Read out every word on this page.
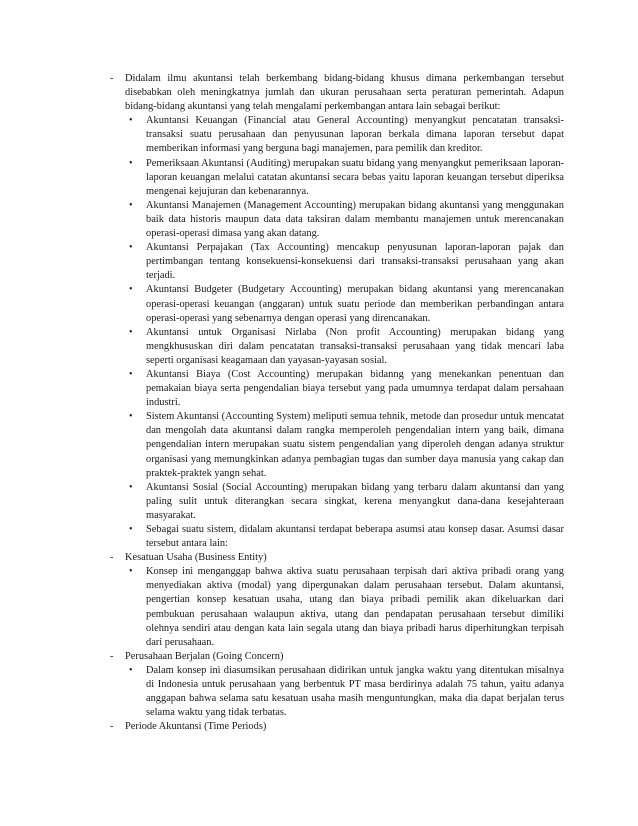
- Didalam ilmu akuntansi telah berkembang bidang-bidang khusus dimana perkembangan tersebut disebabkan oleh meningkatnya jumlah dan ukuran perusahaan serta peraturan pemerintah. Adapun bidang-bidang akuntansi yang telah mengalami perkembangan antara lain sebagai berikut:
• Akuntansi Keuangan (Financial atau General Accounting) menyangkut pencatatan transaksi-transaksi suatu perusahaan dan penyusunan laporan berkala dimana laporan tersebut dapat memberikan informasi yang berguna bagi manajemen, para pemilik dan kreditor.
• Pemeriksaan Akuntansi (Auditing) merupakan suatu bidang yang menyangkut pemeriksaan laporan-laporan keuangan melalui catatan akuntansi secara bebas yaitu laporan keuangan tersebut diperiksa mengenai kejujuran dan kebenarannya.
• Akuntansi Manajemen (Management Accounting) merupakan bidang akuntansi yang menggunakan baik data historis maupun data data taksiran dalam membantu manajemen untuk merencanakan operasi-operasi dimasa yang akan datang.
• Akuntansi Perpajakan (Tax Accounting) mencakup penyusunan laporan-laporan pajak dan pertimbangan tentang konsekuensi-konsekuensi dari transaksi-transaksi perusahaan yang akan terjadi.
• Akuntansi Budgeter (Budgetary Accounting) merupakan bidang akuntansi yang merencanakan operasi-operasi keuangan (anggaran) untuk suatu periode dan memberikan perbandingan antara operasi-operasi yang sebenarnya dengan operasi yang direncanakan.
• Akuntansi untuk Organisasi Nirlaba (Non profit Accounting) merupakan bidang yang mengkhususkan diri dalam pencatatan transaksi-transaksi perusahaan yang tidak mencari laba seperti organisasi keagamaan dan yayasan-yayasan sosial.
• Akuntansi Biaya (Cost Accounting) merupakan bidanng yang menekankan penentuan dan pemakaian biaya serta pengendalian biaya tersebut yang pada umumnya terdapat dalam persahaan industri.
• Sistem Akuntansi (Accounting System) meliputi semua tehnik, metode dan prosedur untuk mencatat dan mengolah data akuntansi dalam rangka memperoleh pengendalian intern yang baik, dimana pengendalian intern merupakan suatu sistem pengendalian yang diperoleh dengan adanya struktur organisasi yang memungkinkan adanya pembagian tugas dan sumber daya manusia yang cakap dan praktek-praktek yangn sehat.
• Akuntansi Sosial (Social Accounting) merupakan bidang yang terbaru dalam akuntansi dan yang paling sulit untuk diterangkan secara singkat, kerena menyangkut dana-dana kesejahteraan masyarakat.
• Sebagai suatu sistem, didalam akuntansi terdapat beberapa asumsi atau konsep dasar. Asumsi dasar tersebut antara lain:
- Kesatuan Usaha (Business Entity)
• Konsep ini menganggap bahwa aktiva suatu perusahaan terpisah dari aktiva pribadi orang yang menyediakan aktiva (modal) yang dipergunakan dalam perusahaan tersebut. Dalam akuntansi, pengertian konsep kesatuan usaha, utang dan biaya pribadi pemilik akan dikeluarkan dari pembukuan perusahaan walaupun aktiva, utang dan pendapatan perusahaan tersebut dimiliki olehnya sendiri atau dengan kata lain segala utang dan biaya pribadi harus diperhitungkan terpisah dari perusahaan.
- Perusahaan Berjalan (Going Concern)
• Dalam konsep ini diasumsikan perusahaan didirikan untuk jangka waktu yang ditentukan misalnya di Indonesia untuk perusahaan yang berbentuk PT masa berdirinya adalah 75 tahun, yaitu adanya anggapan bahwa selama satu kesatuan usaha masih menguntungkan, maka dia dapat berjalan terus selama waktu yang tidak terbatas.
- Periode Akuntansi (Time Periods)
